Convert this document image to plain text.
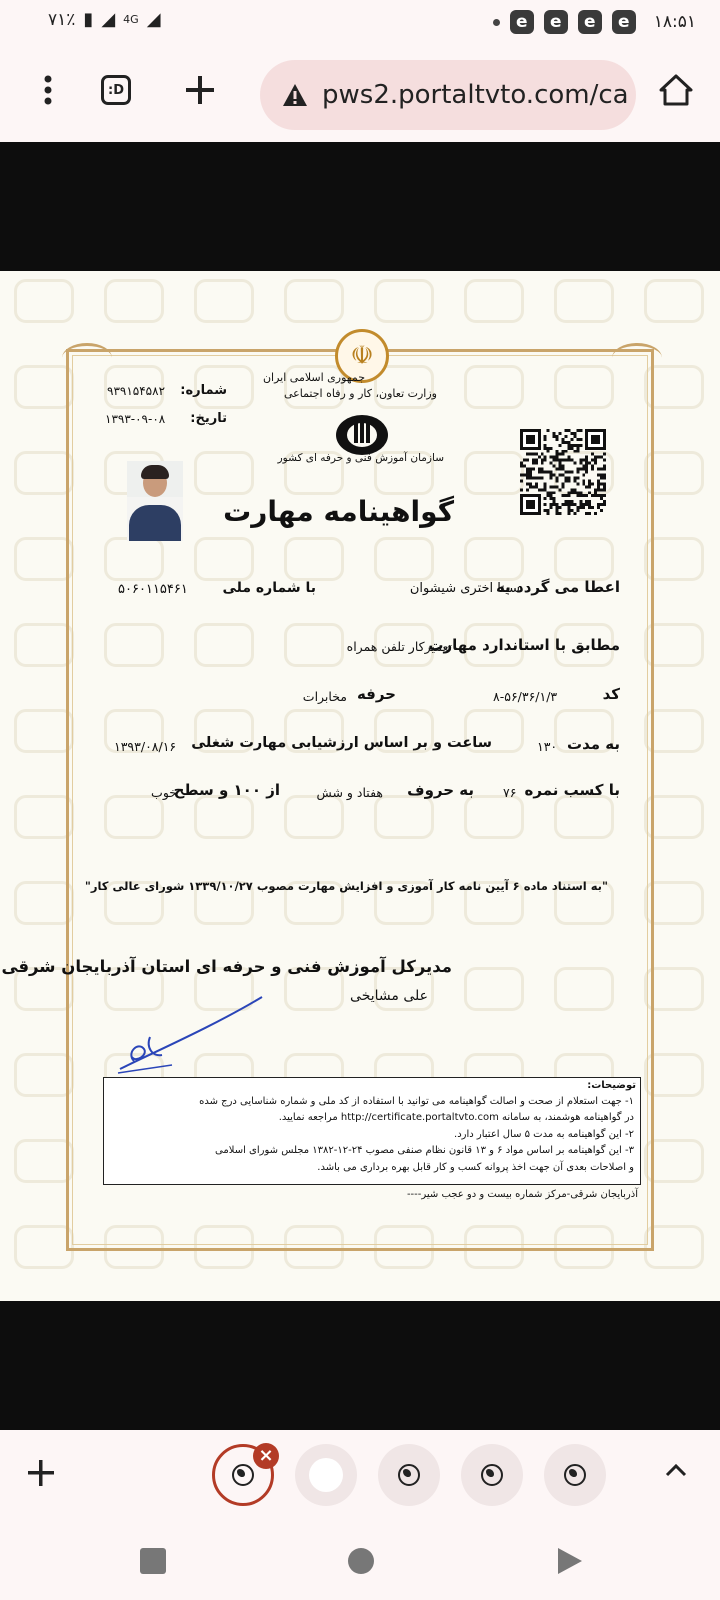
۷۱٪ ▮ ◢ 4G ◢	e	e	e	e	۱۸:۵۱
:D	pws2.portaltvto.com/ca
☫
جمهوری اسلامی ایران
وزارت تعاون، کار و رفاه اجتماعی
سازمان آموزش فنی و حرفه ای کشور
شماره:
۹۳۹۱۵۴۵۸۲
تاریخ:
۱۳۹۳-۰۹-۰۸
گواهینامه مهارت
اعطا می گردد به
سینا اختری شیشوان
با شماره ملی
۵۰۶۰۱۱۵۴۶۱
مطابق با استاندارد مهارت
تعمیرکار تلفن همراه
کد
۸-۵۶/۳۶/۱/۳
حرفه
مخابرات
به مدت
۱۳۰
ساعت و بر اساس ارزشیابی مهارت شغلی
۱۳۹۳/۰۸/۱۶
با کسب نمره
۷۶
به حروف
هفتاد و شش
از ۱۰۰ و سطح
خوب
"به استناد ماده ۶ آیین نامه کار آموزی و افزایش مهارت مصوب ۱۳۳۹/۱۰/۲۷ شورای عالی کار"
مدیرکل آموزش فنی و حرفه ای استان آذربایجان شرقی
علی مشایخی
توضیحات:
۱- جهت استعلام از صحت و اصالت گواهینامه می توانید با استفاده از کد ملی و شماره شناسایی درج شده
در گواهینامه هوشمند، به سامانه http://certificate.portaltvto.com مراجعه نمایید.
۲- این گواهینامه به مدت ۵ سال اعتبار دارد.
۳- این گواهینامه بر اساس مواد ۶ و ۱۳ قانون نظام صنفی مصوب ۲۴-۱۲-۱۳۸۲ مجلس شورای اسلامی
و اصلاحات بعدی آن جهت اخذ پروانه کسب و کار قابل بهره برداری می باشد.
آذربایجان شرقی-مرکز شماره بیست و دو عجب شیر----
×
